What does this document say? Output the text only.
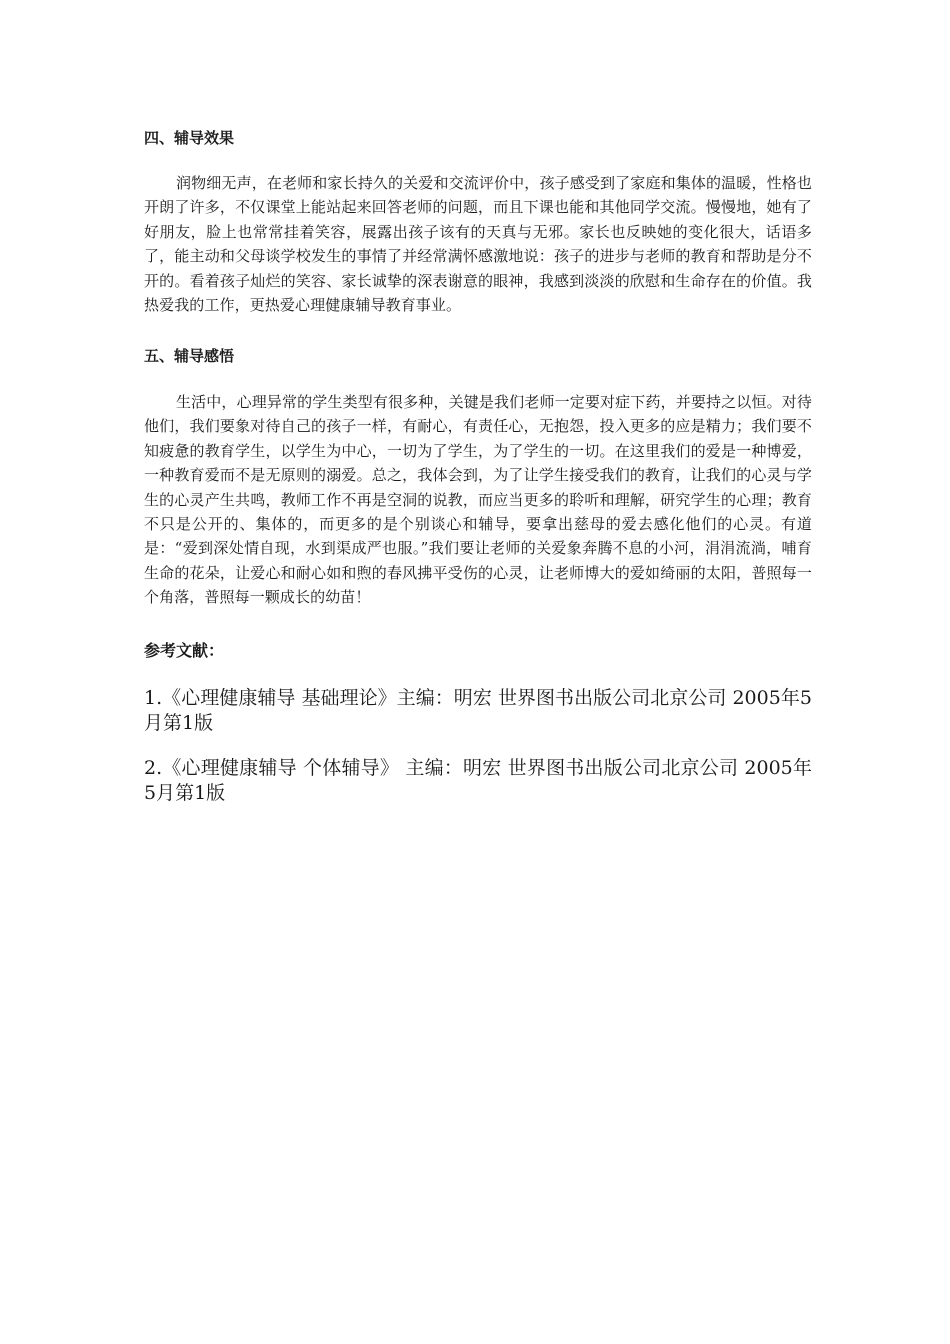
四、辅导效果
润物细无声，在老师和家长持久的关爱和交流评价中，孩子感受到了家庭和集体的温暖，性格也开朗了许多，不仅课堂上能站起来回答老师的问题，而且下课也能和其他同学交流。慢慢地，她有了好朋友，脸上也常常挂着笑容，展露出孩子该有的天真与无邪。家长也反映她的变化很大，话语多了，能主动和父母谈学校发生的事情了并经常满怀感激地说：孩子的进步与老师的教育和帮助是分不开的。看着孩子灿烂的笑容、家长诚挚的深表谢意的眼神，我感到淡淡的欣慰和生命存在的价值。我热爱我的工作，更热爱心理健康辅导教育事业。
五、辅导感悟
生活中，心理异常的学生类型有很多种，关键是我们老师一定要对症下药，并要持之以恒。对待他们，我们要象对待自己的孩子一样，有耐心，有责任心，无抱怨，投入更多的应是精力；我们要不知疲惫的教育学生，以学生为中心，一切为了学生，为了学生的一切。在这里我们的爱是一种博爱，一种教育爱而不是无原则的溺爱。总之，我体会到，为了让学生接受我们的教育，让我们的心灵与学生的心灵产生共鸣，教师工作不再是空洞的说教，而应当更多的聆听和理解，研究学生的心理；教育不只是公开的、集体的，而更多的是个别谈心和辅导，要拿出慈母的爱去感化他们的心灵。有道是：“爱到深处情自现，水到渠成严也服。”我们要让老师的关爱象奔腾不息的小河，涓涓流淌，哺育生命的花朵，让爱心和耐心如和煦的春风拂平受伤的心灵，让老师博大的爱如绮丽的太阳，普照每一个角落，普照每一颗成长的幼苗！
参考文献：
1.《心理健康辅导 基础理论》主编：明宏 世界图书出版公司北京公司 2005年5月第1版
2.《心理健康辅导 个体辅导》 主编：明宏 世界图书出版公司北京公司 2005年5月第1版
